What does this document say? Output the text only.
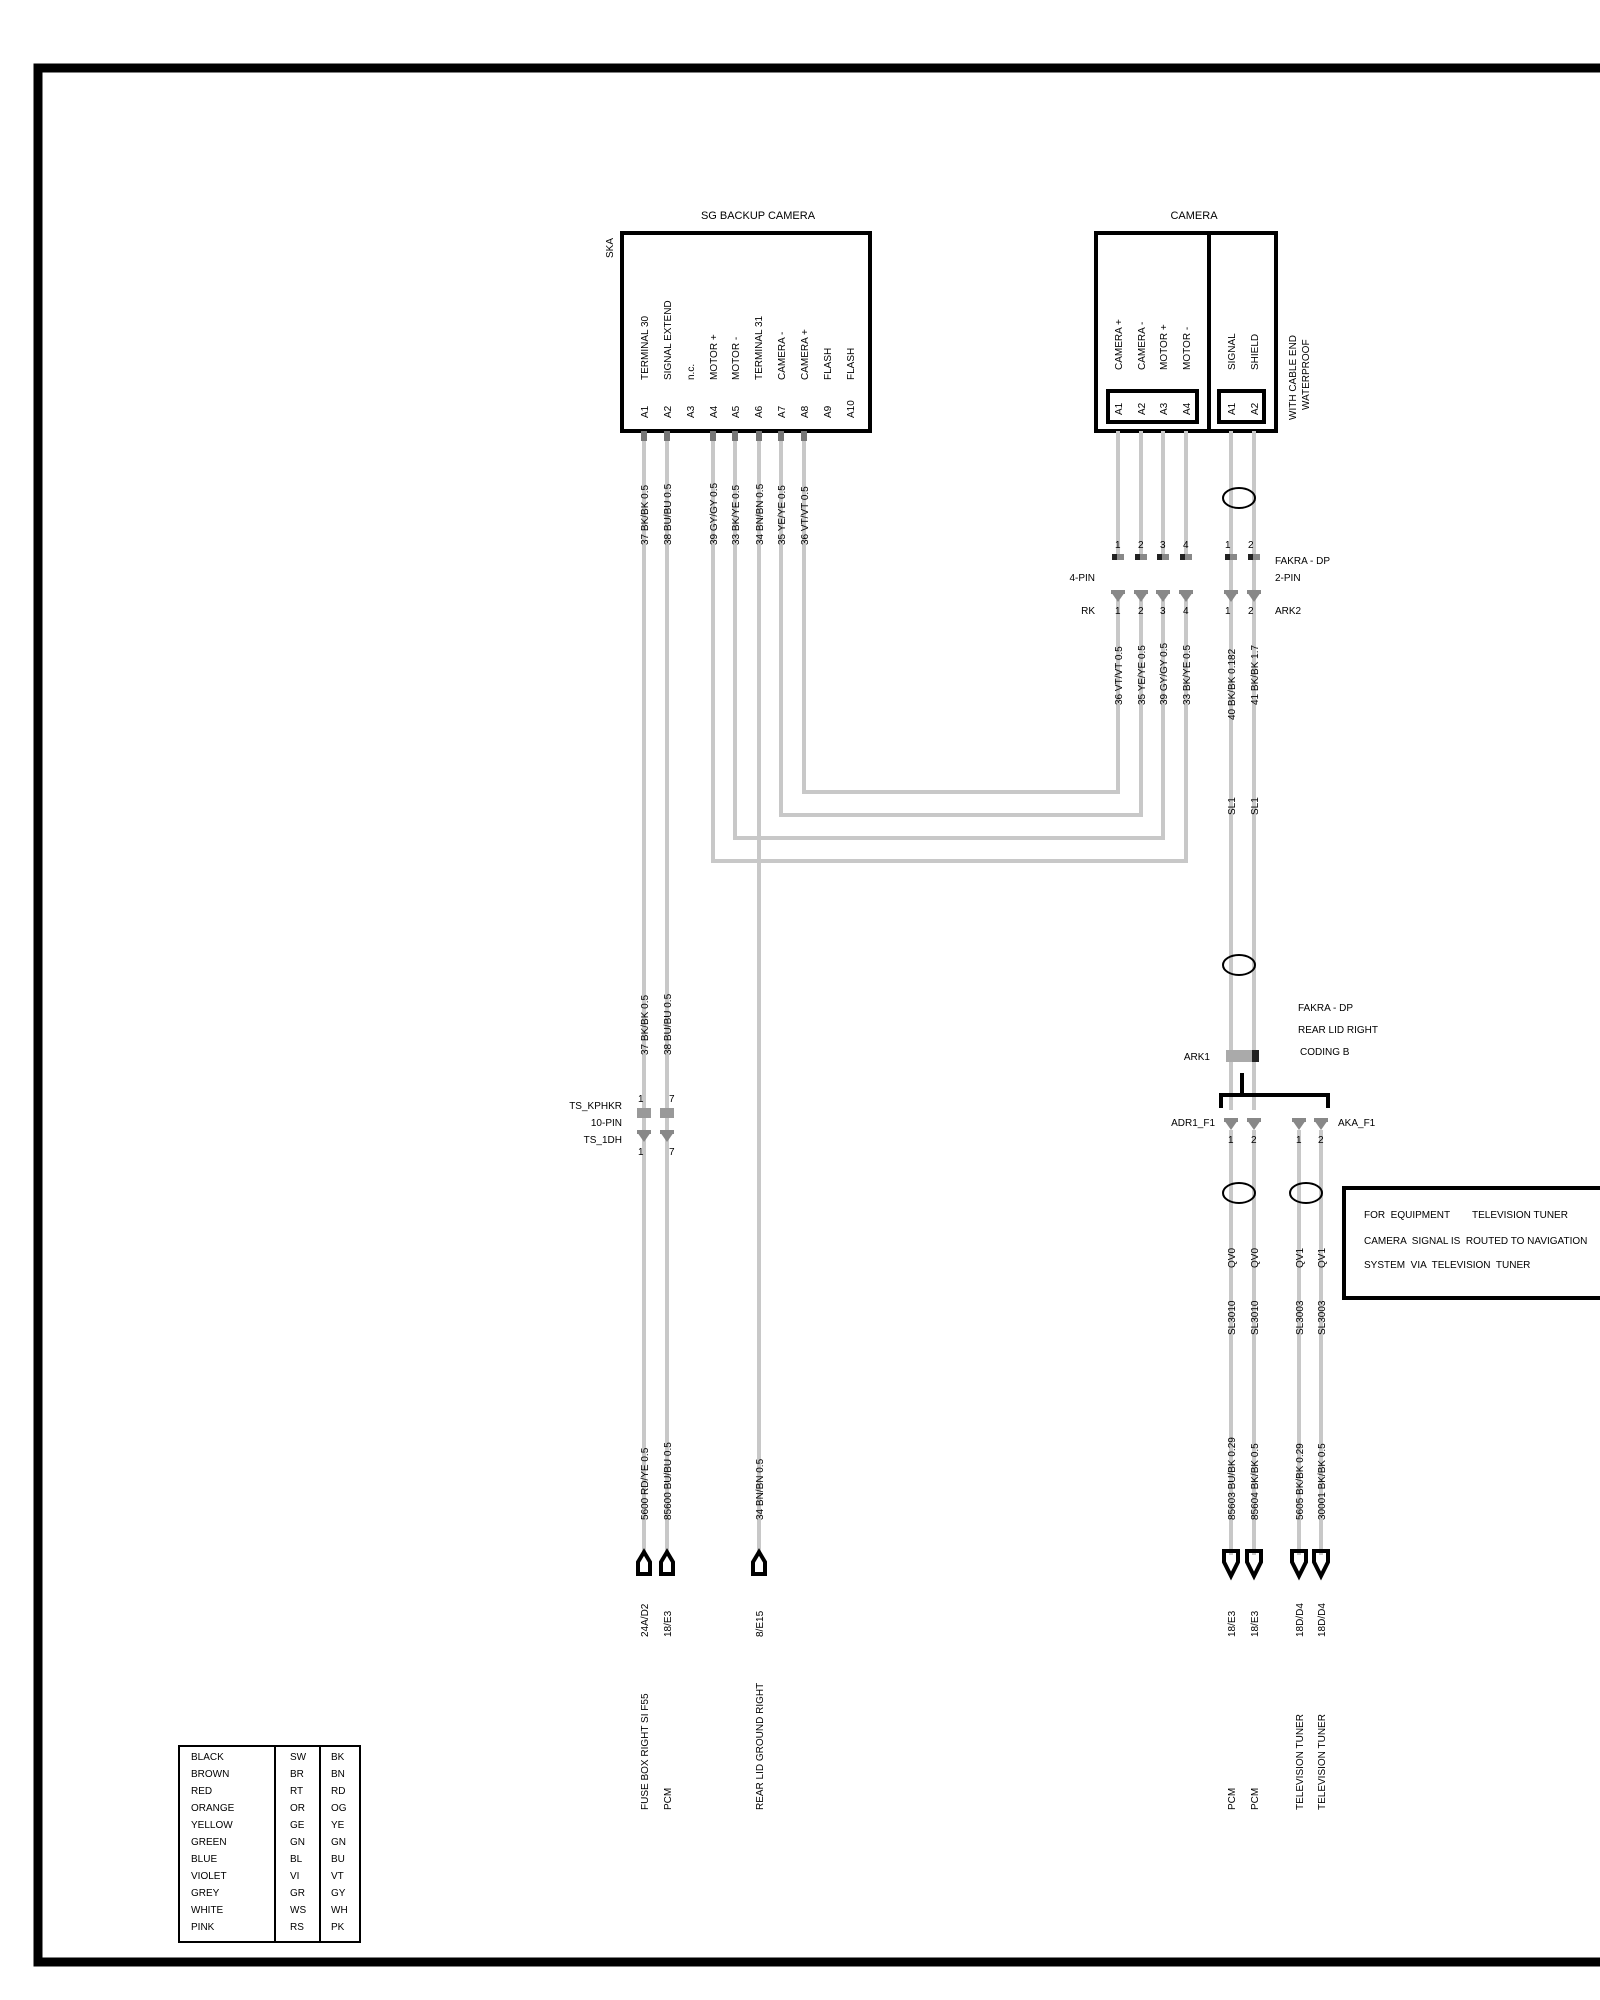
SG BACKUP CAMERA
SKA
A1
TERMINAL 30
A2
SIGNAL EXTEND
A3
n.c.
A4
MOTOR +
A5
MOTOR -
A6
TERMINAL 31
A7
CAMERA -
A8
CAMERA +
A9
FLASH
A10
FLASH
CAMERA
A1
CAMERA +
A2
CAMERA -
A3
MOTOR +
A4
MOTOR -
A1
SIGNAL
A2
SHIELD	WITH CABLE END WATERPROOF
37 BK/BK 0.5 38 BU/BU 0.5	39 GY/GY 0.5 33 BK/YE 0.5 34 BN/BN 0.5 35 YE/YE 0.5 36 VT/VT 0.5
36 VT/VT 0.5 35 YE/YE 0.5 39 GY/GY 0.5 33 BK/YE 0.5	40 BK/BK 0.182 41 BK/BK 1.7
SL1 SL1
37 BK/BK 0.5 38 BU/BU 0.5
QV0
SL3010
QV0
SL3010
QV1
SL3003
QV1
SL3003
1
1
2
2
3
3
4
4
1
1
2
2
1 2	1 2
1
1
7
7
4-PIN
RK
FAKRA - DP
2-PIN
ARK2
ARK1
FAKRA - DP
REAR LID RIGHT
CODING B
ADR1_F1	AKA_F1
TS_KPHKR
10-PIN
TS_1DH
FOR  EQUIPMENT        TELEVISION TUNER
CAMERA  SIGNAL IS  ROUTED TO NAVIGATION
SYSTEM  VIA  TELEVISION  TUNER
5600 RD/YE 0.5
24A/D2
FUSE BOX RIGHT SI F55
85600 BU/BU 0.5
18/E3
PCM
34 BN/BN 0.5
8/E15
REAR LID GROUND RIGHT
85603 BU/BK 0.29
18/E3
PCM
85604 BK/BK 0.5
18/E3
PCM
5605 BK/BK 0.29
18D/D4
TELEVISION TUNER
30001 BK/BK 0.5
18D/D4
TELEVISION TUNER
BLACK	SW BK
BROWN	BR	BN
RED	RT	RD
ORANGE	OR	OG
YELLOW	GE	YE
GREEN	GN	GN
BLUE	BL	BU
VIOLET	VI	VT
GREY	GR	GY
WHITE	WS WH
PINK	RS	PK
